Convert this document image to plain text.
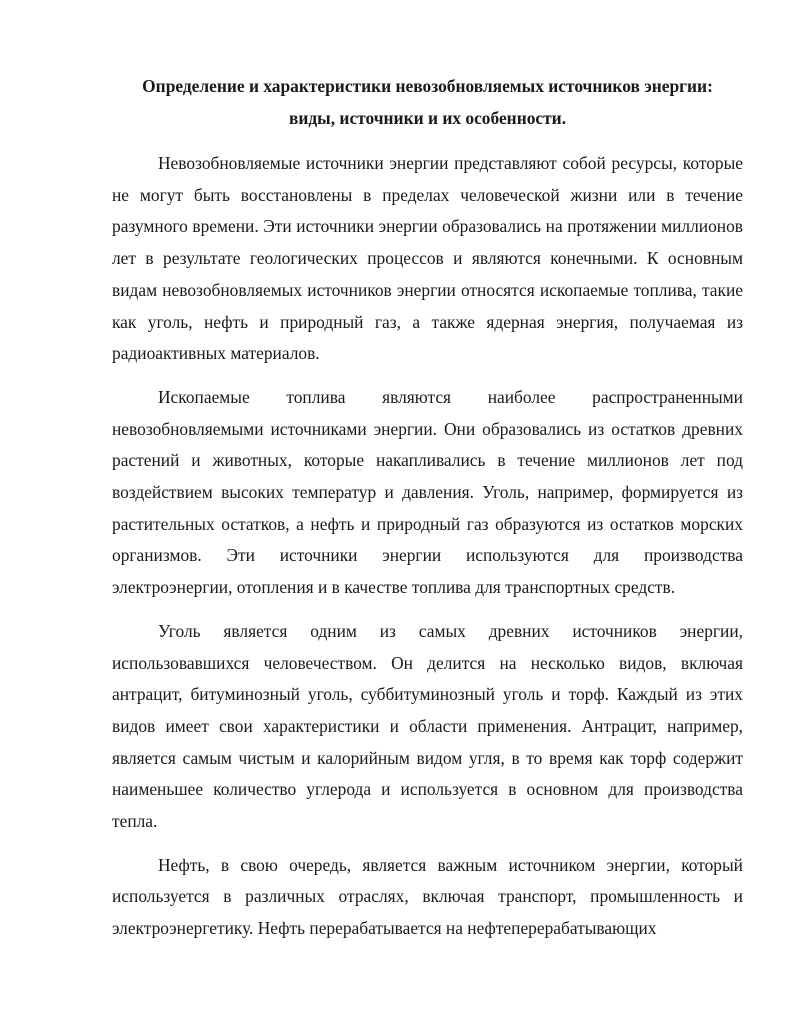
Определение и характеристики невозобновляемых источников энергии:
виды, источники и их особенности.

Невозобновляемые источники энергии представляют собой ресурсы, которые не могут быть восстановлены в пределах человеческой жизни или в течение разумного времени. Эти источники энергии образовались на протяжении миллионов лет в результате геологических процессов и являются конечными. К основным видам невозобновляемых источников энергии относятся ископаемые топлива, такие как уголь, нефть и природный газ, а также ядерная энергия, получаемая из радиоактивных материалов.

Ископаемые топлива являются наиболее распространенными невозобновляемыми источниками энергии. Они образовались из остатков древних растений и животных, которые накапливались в течение миллионов лет под воздействием высоких температур и давления. Уголь, например, формируется из растительных остатков, а нефть и природный газ образуются из остатков морских организмов. Эти источники энергии используются для производства электроэнергии, отопления и в качестве топлива для транспортных средств.

Уголь является одним из самых древних источников энергии, использовавшихся человечеством. Он делится на несколько видов, включая антрацит, битуминозный уголь, суббитуминозный уголь и торф. Каждый из этих видов имеет свои характеристики и области применения. Антрацит, например, является самым чистым и калорийным видом угля, в то время как торф содержит наименьшее количество углерода и используется в основном для производства тепла.

Нефть, в свою очередь, является важным источником энергии, который используется в различных отраслях, включая транспорт, промышленность и электроэнергетику. Нефть перерабатывается на нефтеперерабатывающих
